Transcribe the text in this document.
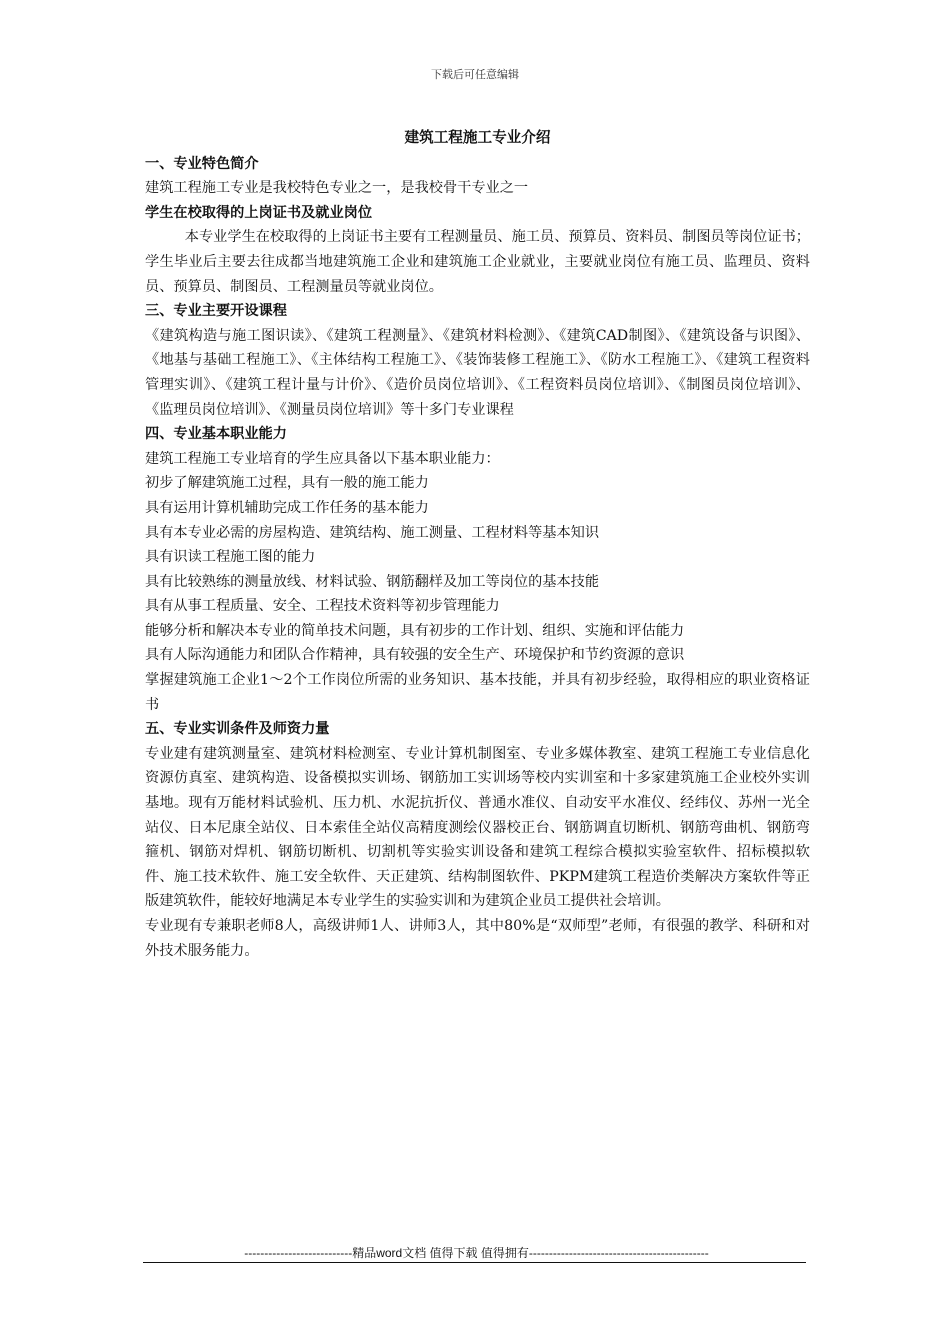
下载后可任意编辑
建筑工程施工专业介绍
一、专业特色简介
建筑工程施工专业是我校特色专业之一，是我校骨干专业之一
学生在校取得的上岗证书及就业岗位
本专业学生在校取得的上岗证书主要有工程测量员、施工员、预算员、资料员、制图员等岗位证书；学生毕业后主要去往成都当地建筑施工企业和建筑施工企业就业，主要就业岗位有施工员、监理员、资料员、预算员、制图员、工程测量员等就业岗位。
三、专业主要开设课程
《建筑构造与施工图识读》、《建筑工程测量》、《建筑材料检测》、《建筑CAD制图》、《建筑设备与识图》、《地基与基础工程施工》、《主体结构工程施工》、《装饰装修工程施工》、《防水工程施工》、《建筑工程资料管理实训》、《建筑工程计量与计价》、《造价员岗位培训》、《工程资料员岗位培训》、《制图员岗位培训》、《监理员岗位培训》、《测量员岗位培训》等十多门专业课程
四、专业基本职业能力
建筑工程施工专业培育的学生应具备以下基本职业能力：
初步了解建筑施工过程，具有一般的施工能力
具有运用计算机辅助完成工作任务的基本能力
具有本专业必需的房屋构造、建筑结构、施工测量、工程材料等基本知识
具有识读工程施工图的能力
具有比较熟练的测量放线、材料试验、钢筋翻样及加工等岗位的基本技能
具有从事工程质量、安全、工程技术资料等初步管理能力
能够分析和解决本专业的简单技术问题，具有初步的工作计划、组织、实施和评估能力
具有人际沟通能力和团队合作精神，具有较强的安全生产、环境保护和节约资源的意识
掌握建筑施工企业1～2个工作岗位所需的业务知识、基本技能，并具有初步经验，取得相应的职业资格证书
五、专业实训条件及师资力量
专业建有建筑测量室、建筑材料检测室、专业计算机制图室、专业多媒体教室、建筑工程施工专业信息化资源仿真室、建筑构造、设备模拟实训场、钢筋加工实训场等校内实训室和十多家建筑施工企业校外实训基地。现有万能材料试验机、压力机、水泥抗折仪、普通水准仪、自动安平水准仪、经纬仪、苏州一光全站仪、日本尼康全站仪、日本索佳全站仪高精度测绘仪器校正台、钢筋调直切断机、钢筋弯曲机、钢筋弯箍机、钢筋对焊机、钢筋切断机、切割机等实验实训设备和建筑工程综合模拟实验室软件、招标模拟软件、施工技术软件、施工安全软件、天正建筑、结构制图软件、PKPM建筑工程造价类解决方案软件等正版建筑软件，能较好地满足本专业学生的实验实训和为建筑企业员工提供社会培训。
专业现有专兼职老师8人，高级讲师1人、讲师3人，其中80%是“双师型”老师，有很强的教学、科研和对外技术服务能力。
---------------------------精品word文档 值得下载 值得拥有---------------------------------------------
